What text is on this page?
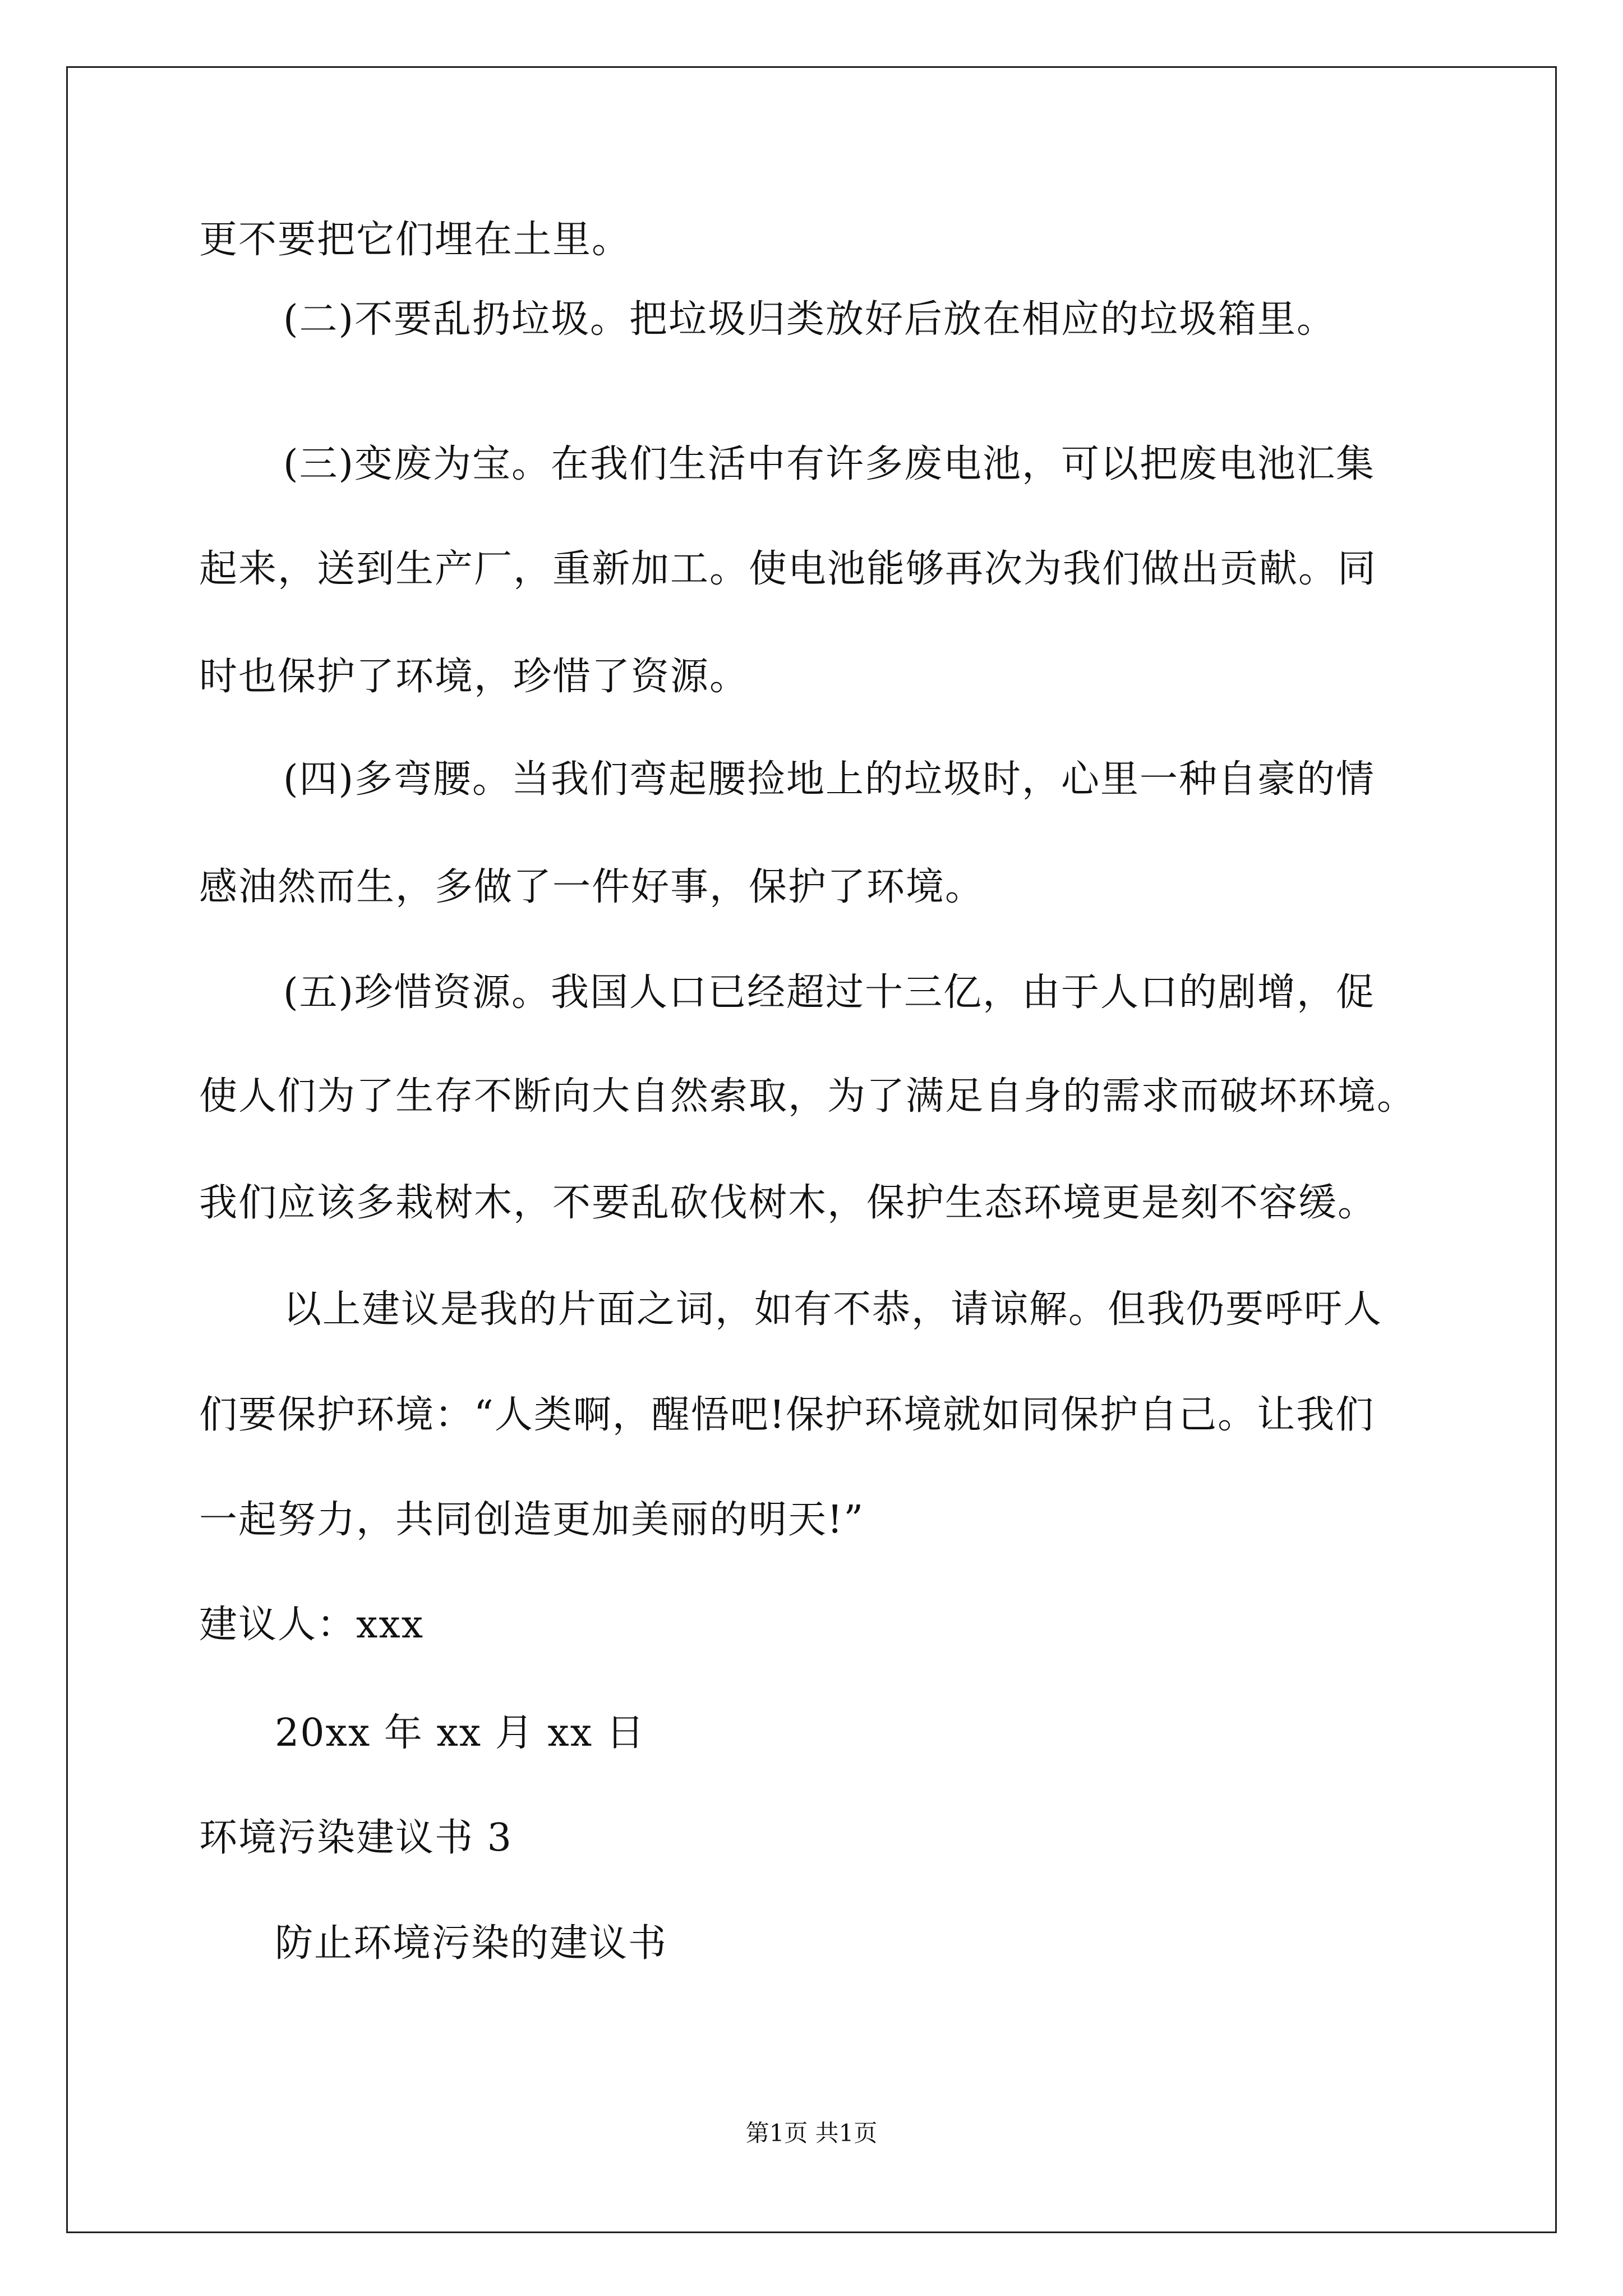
更不要把它们埋在土里。
(二)不要乱扔垃圾。把垃圾归类放好后放在相应的垃圾箱里。
(三)变废为宝。在我们生活中有许多废电池，可以把废电池汇集
起来，送到生产厂，重新加工。使电池能够再次为我们做出贡献。同
时也保护了环境，珍惜了资源。
(四)多弯腰。当我们弯起腰捡地上的垃圾时，心里一种自豪的情
感油然而生，多做了一件好事，保护了环境。
(五)珍惜资源。我国人口已经超过十三亿，由于人口的剧增，促
使人们为了生存不断向大自然索取，为了满足自身的需求而破坏环境。
我们应该多栽树木，不要乱砍伐树木，保护生态环境更是刻不容缓。
以上建议是我的片面之词，如有不恭，请谅解。但我仍要呼吁人
们要保护环境：“人类啊，醒悟吧!保护环境就如同保护自己。让我们
一起努力，共同创造更加美丽的明天!”
建议人：xxx
20xx 年 xx 月 xx 日
环境污染建议书 3
防止环境污染的建议书
第1页 共1页
